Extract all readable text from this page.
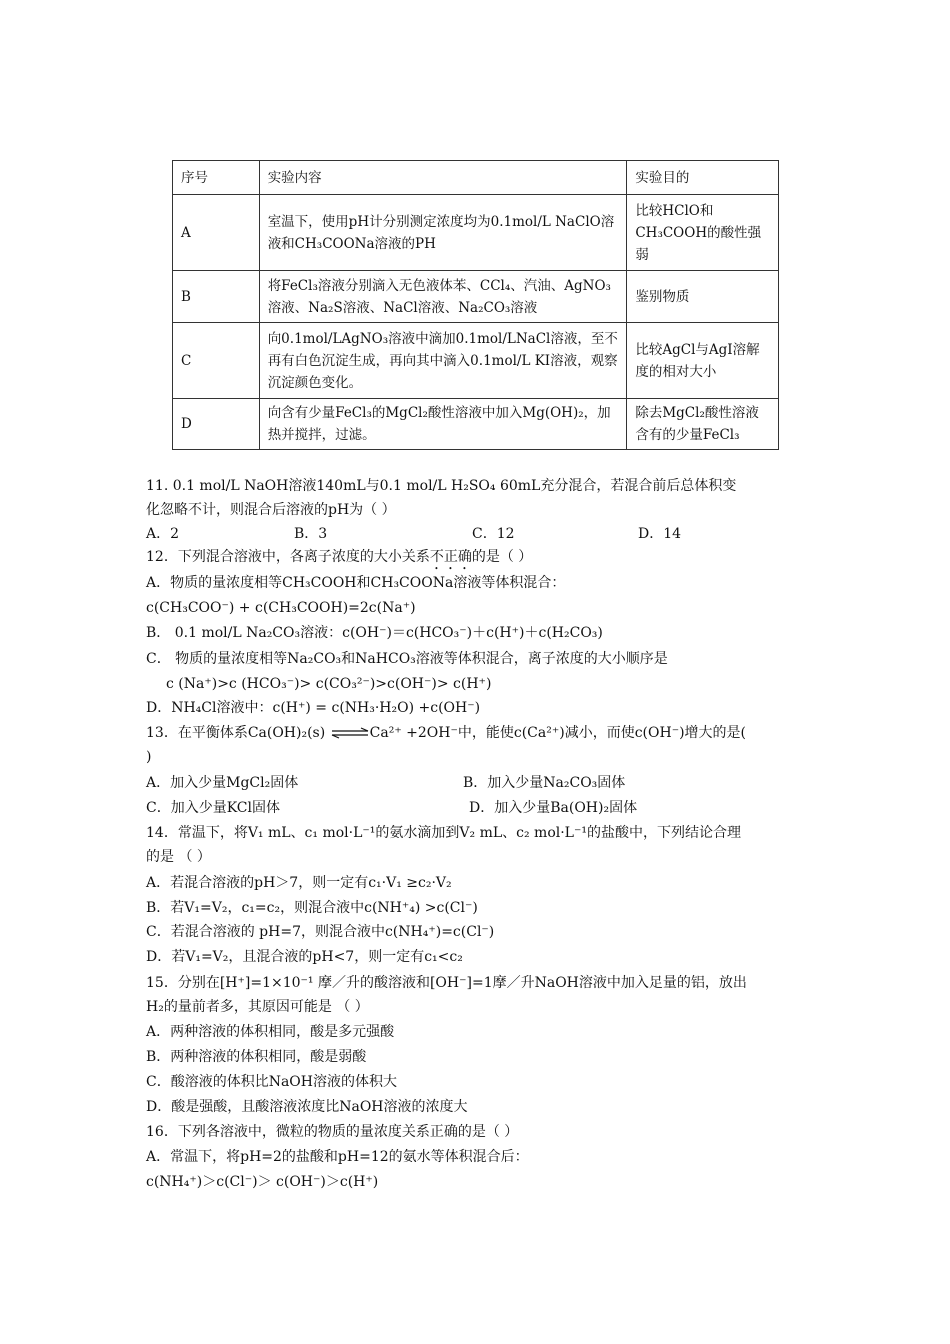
序号	实验内容	实验目的
A	室温下，使用pH计分别测定浓度均为0.1mol/L NaClO溶液和CH₃COONa溶液的PH	比较HClO和CH₃COOH的酸性强弱
B	将FeCl₃溶液分别滴入无色液体苯、CCl₄、汽油、AgNO₃溶液、Na₂S溶液、NaCl溶液、Na₂CO₃溶液	鉴别物质
C	向0.1mol/LAgNO₃溶液中滴加0.1mol/LNaCl溶液，至不再有白色沉淀生成，再向其中滴入0.1mol/L KI溶液，观察沉淀颜色变化。	比较AgCl与AgI溶解度的相对大小
D	向含有少量FeCl₃的MgCl₂酸性溶液中加入Mg(OH)₂，加热并搅拌，过滤。	除去MgCl₂酸性溶液含有的少量FeCl₃
11. 0.1 mol/L NaOH溶液140mL与0.1 mol/L H₂SO₄ 60mL充分混合，若混合前后总体积变
化忽略不计，则混合后溶液的pH为（ ）
A．2	B．3	C．12	D．14
12．下列混合溶液中，各离子浓度的大小关系不正确的是（ ）
A．物质的量浓度相等CH₃COOH和CH₃COONa溶液等体积混合：
c(CH₃COO⁻) + c(CH₃COOH)=2c(Na⁺)
B． 0.1 mol/L Na₂CO₃溶液：c(OH⁻)＝c(HCO₃⁻)＋c(H⁺)＋c(H₂CO₃)
C． 物质的量浓度相等Na₂CO₃和NaHCO₃溶液等体积混合，离子浓度的大小顺序是
c (Na⁺)>c (HCO₃⁻)> c(CO₃²⁻)>c(OH⁻)> c(H⁺)
D．NH₄Cl溶液中：c(H⁺) = c(NH₃·H₂O) +c(OH⁻)
13．在平衡体系Ca(OH)₂(s) ⇌Ca²⁺ +2OH⁻中，能使c(Ca²⁺)减小，而使c(OH⁻)增大的是(
)
A．加入少量MgCl₂固体	B．加入少量Na₂CO₃固体
C．加入少量KCl固体	D．加入少量Ba(OH)₂固体
14．常温下，将V₁ mL、c₁ mol·L⁻¹的氨水滴加到V₂ mL、c₂ mol·L⁻¹的盐酸中，下列结论合理
的是 （ ）
A．若混合溶液的pH＞7，则一定有c₁·V₁ ≥c₂·V₂
B．若V₁=V₂，c₁=c₂，则混合液中c(NH⁺₄) >c(Cl⁻)
C．若混合溶液的 pH=7，则混合液中c(NH₄⁺)=c(Cl⁻)
D．若V₁=V₂，且混合液的pH<7，则一定有c₁<c₂
15．分别在[H⁺]=1×10⁻¹ 摩／升的酸溶液和[OH⁻]=1摩／升NaOH溶液中加入足量的铝，放出
H₂的量前者多，其原因可能是 （ ）
A．两种溶液的体积相同，酸是多元强酸
B．两种溶液的体积相同，酸是弱酸
C．酸溶液的体积比NaOH溶液的体积大
D．酸是强酸，且酸溶液浓度比NaOH溶液的浓度大
16．下列各溶液中，微粒的物质的量浓度关系正确的是（ ）
A．常温下，将pH=2的盐酸和pH=12的氨水等体积混合后：
c(NH₄⁺)＞c(Cl⁻)＞ c(OH⁻)＞c(H⁺)
